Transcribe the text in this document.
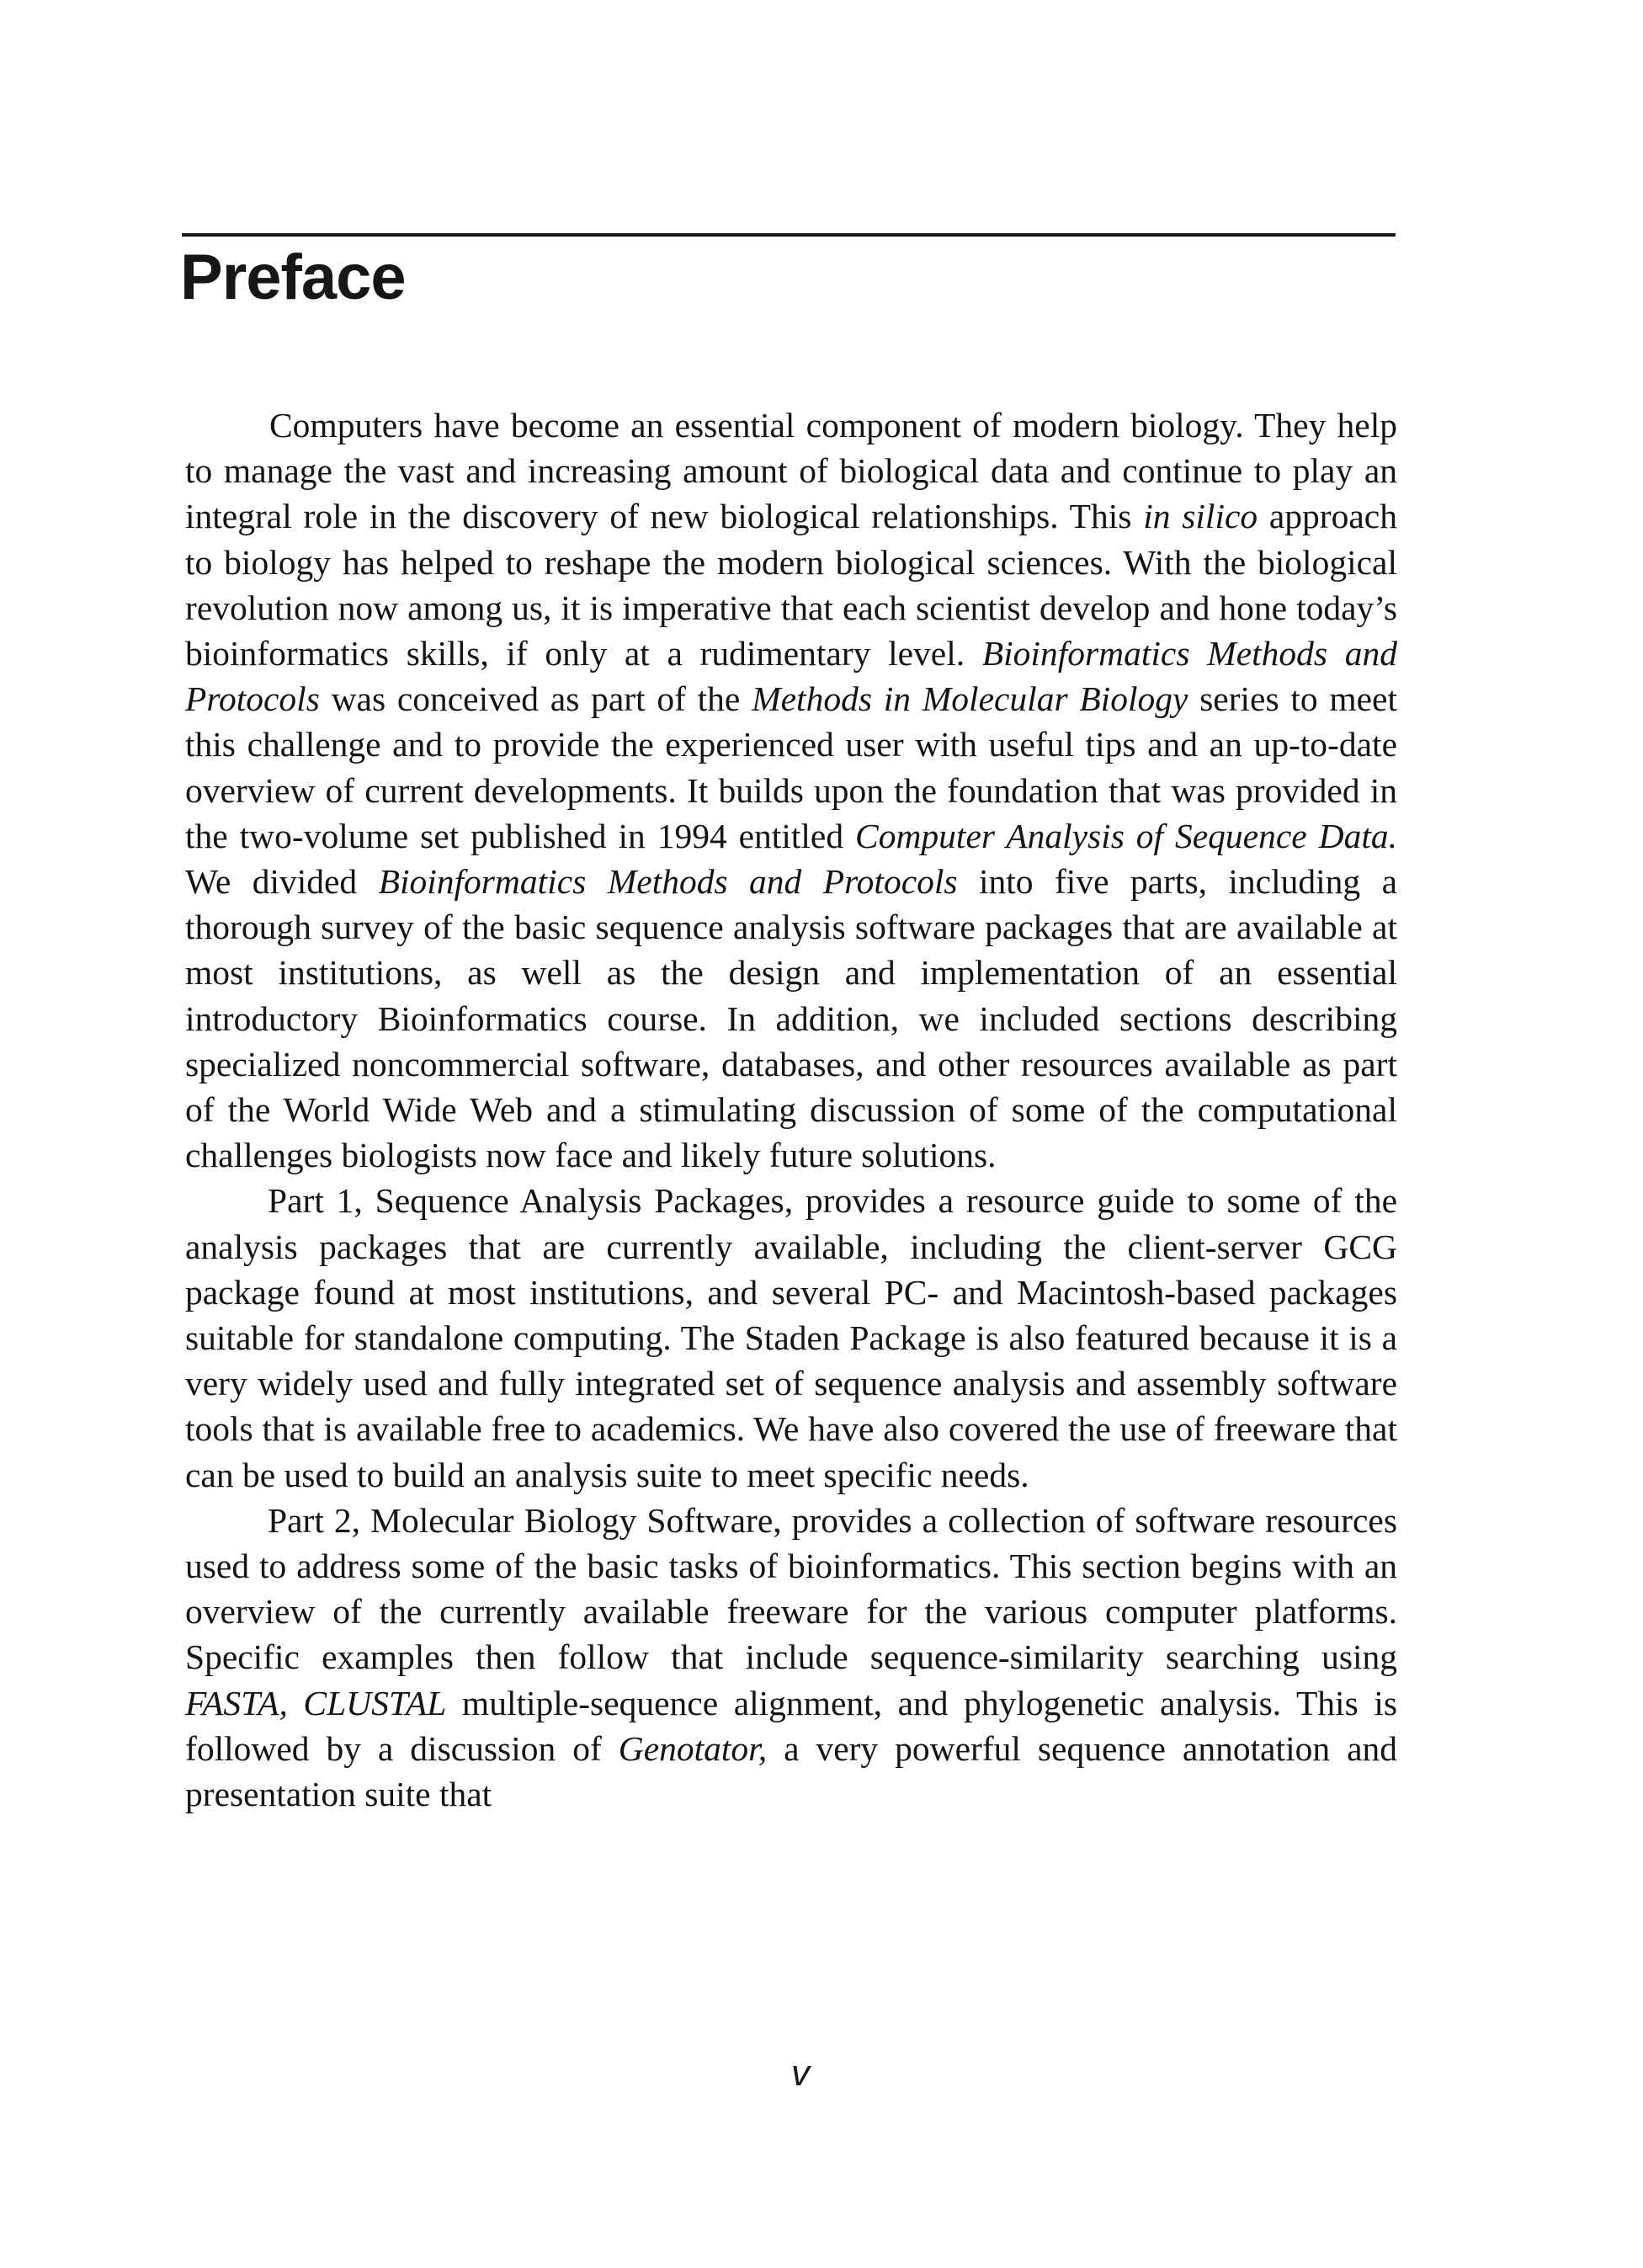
Preface

Computers have become an essential component of modern biology. They help to manage the vast and increasing amount of biological data and continue to play an integral role in the discovery of new biological relationships. This in silico approach to biology has helped to reshape the modern biological sciences. With the biological revolution now among us, it is imperative that each scientist develop and hone today’s bioinformatics skills, if only at a rudimentary level. Bioinformatics Methods and Protocols was conceived as part of the Methods in Molecular Biology series to meet this challenge and to provide the experienced user with useful tips and an up-to-date overview of current developments. It builds upon the foundation that was provided in the two-volume set published in 1994 entitled Computer Analysis of Sequence Data. We divided Bioinformatics Methods and Protocols into five parts, including a thorough survey of the basic sequence analysis software packages that are available at most institutions, as well as the design and implementation of an essential introductory Bioinformatics course. In addition, we included sections describing specialized noncommercial software, databases, and other resources available as part of the World Wide Web and a stimulating discussion of some of the computational challenges biologists now face and likely future solutions.

Part 1, Sequence Analysis Packages, provides a resource guide to some of the analysis packages that are currently available, including the client-server GCG package found at most institutions, and several PC- and Macintosh-based packages suitable for standalone computing. The Staden Package is also featured because it is a very widely used and fully integrated set of sequence analysis and assembly software tools that is available free to academics. We have also covered the use of freeware that can be used to build an analysis suite to meet specific needs.

Part 2, Molecular Biology Software, provides a collection of software resources used to address some of the basic tasks of bioinformatics. This section begins with an overview of the currently available freeware for the various computer platforms. Specific examples then follow that include sequence-similarity searching using FASTA, CLUSTAL multiple-sequence alignment, and phylogenetic analysis. This is followed by a discussion of Genotator, a very powerful sequence annotation and presentation suite that

v
